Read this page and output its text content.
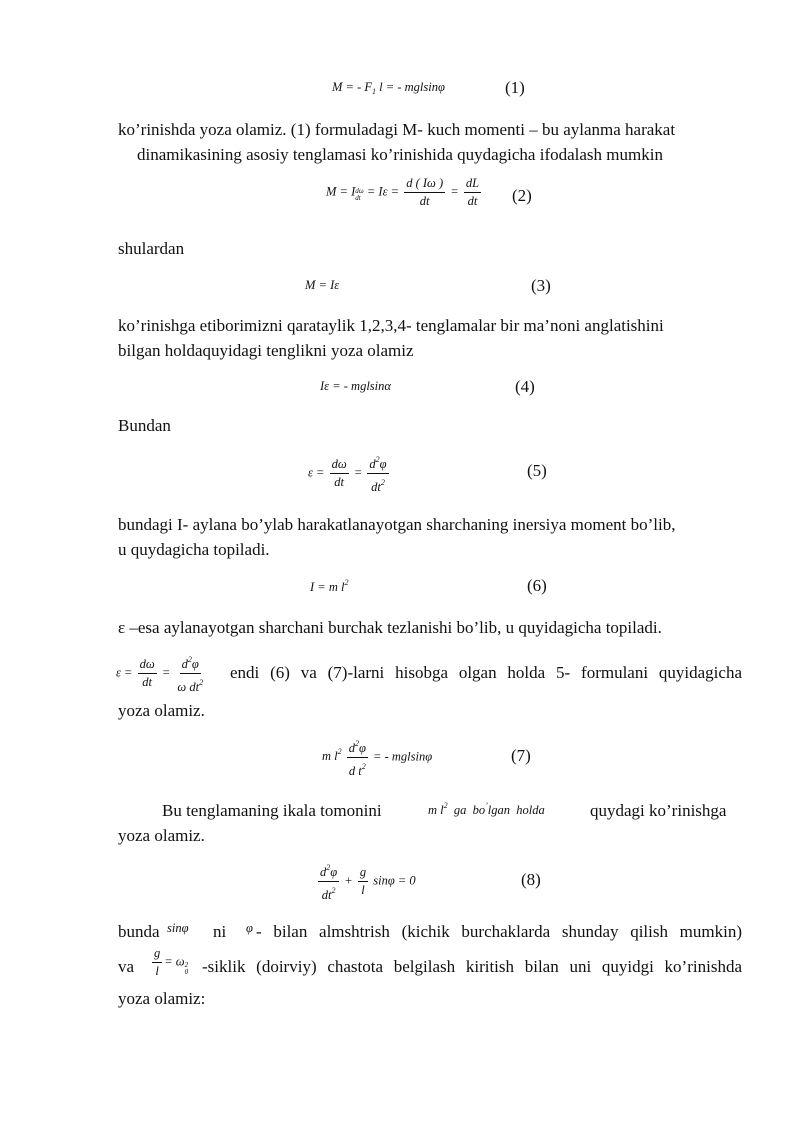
M = - $F_1$ l = - mglsinφ	(1)
ko’rinishda yoza olamiz. (1) formuladagi M- kuch momenti – bu aylanma harakat
dinamikasining asosiy tenglamasi ko’rinishida quydagicha ifodalash mumkin
M = I dω
dt = $I\varepsilon = \frac{d ( I\omega )}{dt} = \frac{dL}{dt} (2)$
shulardan
M = Iε	(3)
ko’rinishga etiborimizni qarataylik 1,2,3,4- tenglamalar bir ma’noni anglatishini
bilgan holdaquyidagi tenglikni yoza olamiz
Iε = - mglsinα	(4)
Bundan
$\varepsilon = \frac{d\omega}{dt} = \frac{d^2\varphi}{dt^2}$	(5)
bundagi I- aylana bo’ylab harakatlanayotgan sharchaning inersiya moment bo’lib,
u quydagicha topiladi.
I = m $l^2$	(6)
ε –esa aylanayotgan sharchani burchak tezlanishi bo’lib, u quyidagicha topiladi.
$\varepsilon = \frac{d\omega}{dt} = \frac{d^2\varphi}{\omega dt^2}$ endi (6) va (7)-larni hisobga olgan holda 5- formulani quyidagicha
yoza olamiz.
m $l^2 \frac{d^2\varphi}{d t^2}$ = - mglsinφ	(7)
Bu tenglamaning ikala tomonini	m $l^2$  ga  bo’lgan  holda	quydagi ko’rinishga
yoza olamiz.
$\frac{d^2\varphi}{dt^2} + \frac{g}{l}$ sinφ = 0	(8)
bunda sinφ ni φ - bilan almshtrish (kichik burchaklarda shunday qilish mumkin)
va $\frac{g}{l} = \omega$ 2
0 -siklik (doirviy) chastota belgilash kiritish bilan uni quyidgi ko’rinishda
yoza olamiz:
